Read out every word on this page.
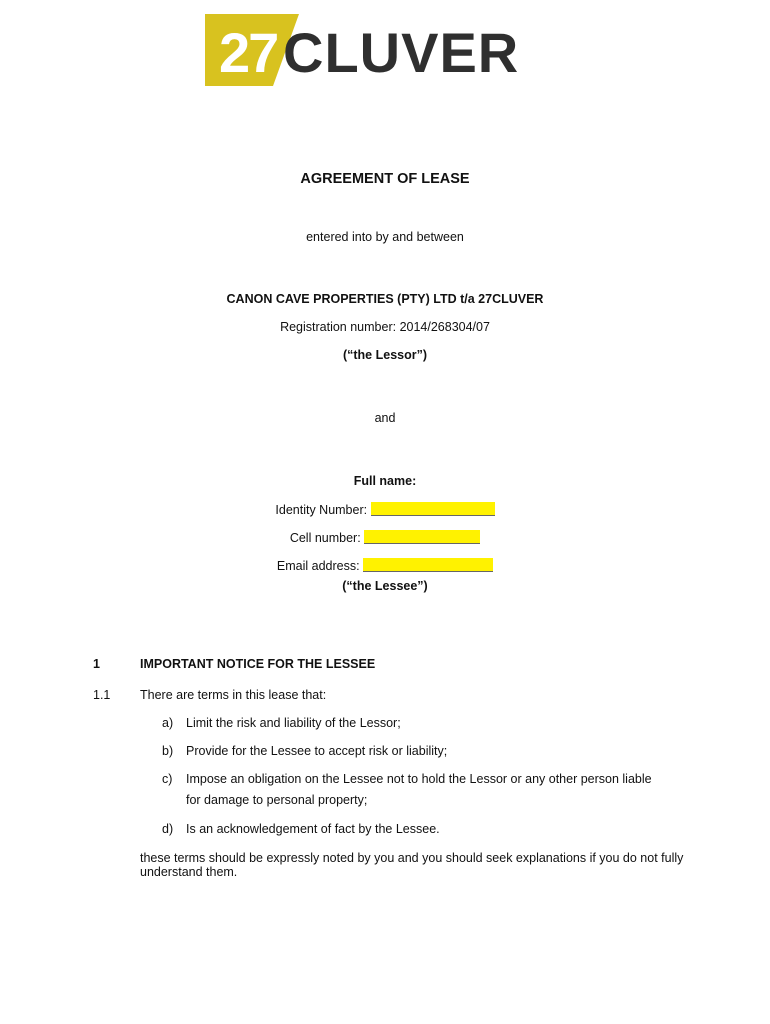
27 CLUVER
AGREEMENT OF LEASE
entered into by and between
CANON CAVE PROPERTIES (PTY) LTD t/a 27CLUVER
Registration number: 2014/268304/07
(“the Lessor”)
and
Full name:
Identity Number:
Cell number:
Email address:
(“the Lessee”)
1	IMPORTANT NOTICE FOR THE LESSEE
1.1 There are terms in this lease that:
a) Limit the risk and liability of the Lessor;
b) Provide for the Lessee to accept risk or liability;
c) Impose an obligation on the Lessee not to hold the Lessor or any other person liable
for damage to personal property;
d) Is an acknowledgement of fact by the Lessee.
these terms should be expressly noted by you and you should seek explanations if you do not fully understand them.
